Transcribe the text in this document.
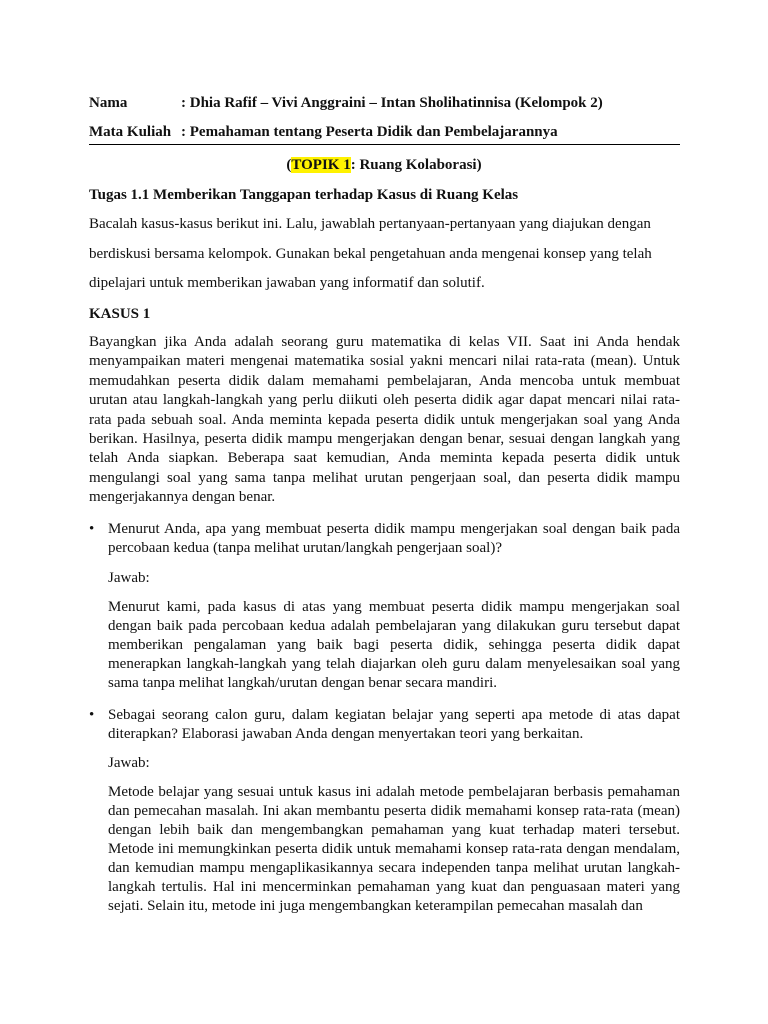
Nama	: Dhia Rafif – Vivi Anggraini – Intan Sholihatinnisa (Kelompok 2)
Mata Kuliah : Pemahaman tentang Peserta Didik dan Pembelajarannya
(TOPIK 1: Ruang Kolaborasi)
Tugas 1.1 Memberikan Tanggapan terhadap Kasus di Ruang Kelas
Bacalah kasus-kasus berikut ini. Lalu, jawablah pertanyaan-pertanyaan yang diajukan dengan berdiskusi bersama kelompok. Gunakan bekal pengetahuan anda mengenai konsep yang telah dipelajari untuk memberikan jawaban yang informatif dan solutif.
KASUS 1
Bayangkan jika Anda adalah seorang guru matematika di kelas VII. Saat ini Anda hendak menyampaikan materi mengenai matematika sosial yakni mencari nilai rata-rata (mean). Untuk memudahkan peserta didik dalam memahami pembelajaran, Anda mencoba untuk membuat urutan atau langkah-langkah yang perlu diikuti oleh peserta didik agar dapat mencari nilai rata-rata pada sebuah soal. Anda meminta kepada peserta didik untuk mengerjakan soal yang Anda berikan. Hasilnya, peserta didik mampu mengerjakan dengan benar, sesuai dengan langkah yang telah Anda siapkan. Beberapa saat kemudian, Anda meminta kepada peserta didik untuk mengulangi soal yang sama tanpa melihat urutan pengerjaan soal, dan peserta didik mampu mengerjakannya dengan benar.
• Menurut Anda, apa yang membuat peserta didik mampu mengerjakan soal dengan baik pada percobaan kedua (tanpa melihat urutan/langkah pengerjaan soal)?
Jawab:
Menurut kami, pada kasus di atas yang membuat peserta didik mampu mengerjakan soal dengan baik pada percobaan kedua adalah pembelajaran yang dilakukan guru tersebut dapat memberikan pengalaman yang baik bagi peserta didik, sehingga peserta didik dapat menerapkan langkah-langkah yang telah diajarkan oleh guru dalam menyelesaikan soal yang sama tanpa melihat langkah/urutan dengan benar secara mandiri.
• Sebagai seorang calon guru, dalam kegiatan belajar yang seperti apa metode di atas dapat diterapkan? Elaborasi jawaban Anda dengan menyertakan teori yang berkaitan.
Jawab:
Metode belajar yang sesuai untuk kasus ini adalah metode pembelajaran berbasis pemahaman dan pemecahan masalah. Ini akan membantu peserta didik memahami konsep rata-rata (mean) dengan lebih baik dan mengembangkan pemahaman yang kuat terhadap materi tersebut. Metode ini memungkinkan peserta didik untuk memahami konsep rata-rata dengan mendalam, dan kemudian mampu mengaplikasikannya secara independen tanpa melihat urutan langkah-langkah tertulis. Hal ini mencerminkan pemahaman yang kuat dan penguasaan materi yang sejati. Selain itu, metode ini juga mengembangkan keterampilan pemecahan masalah dan
